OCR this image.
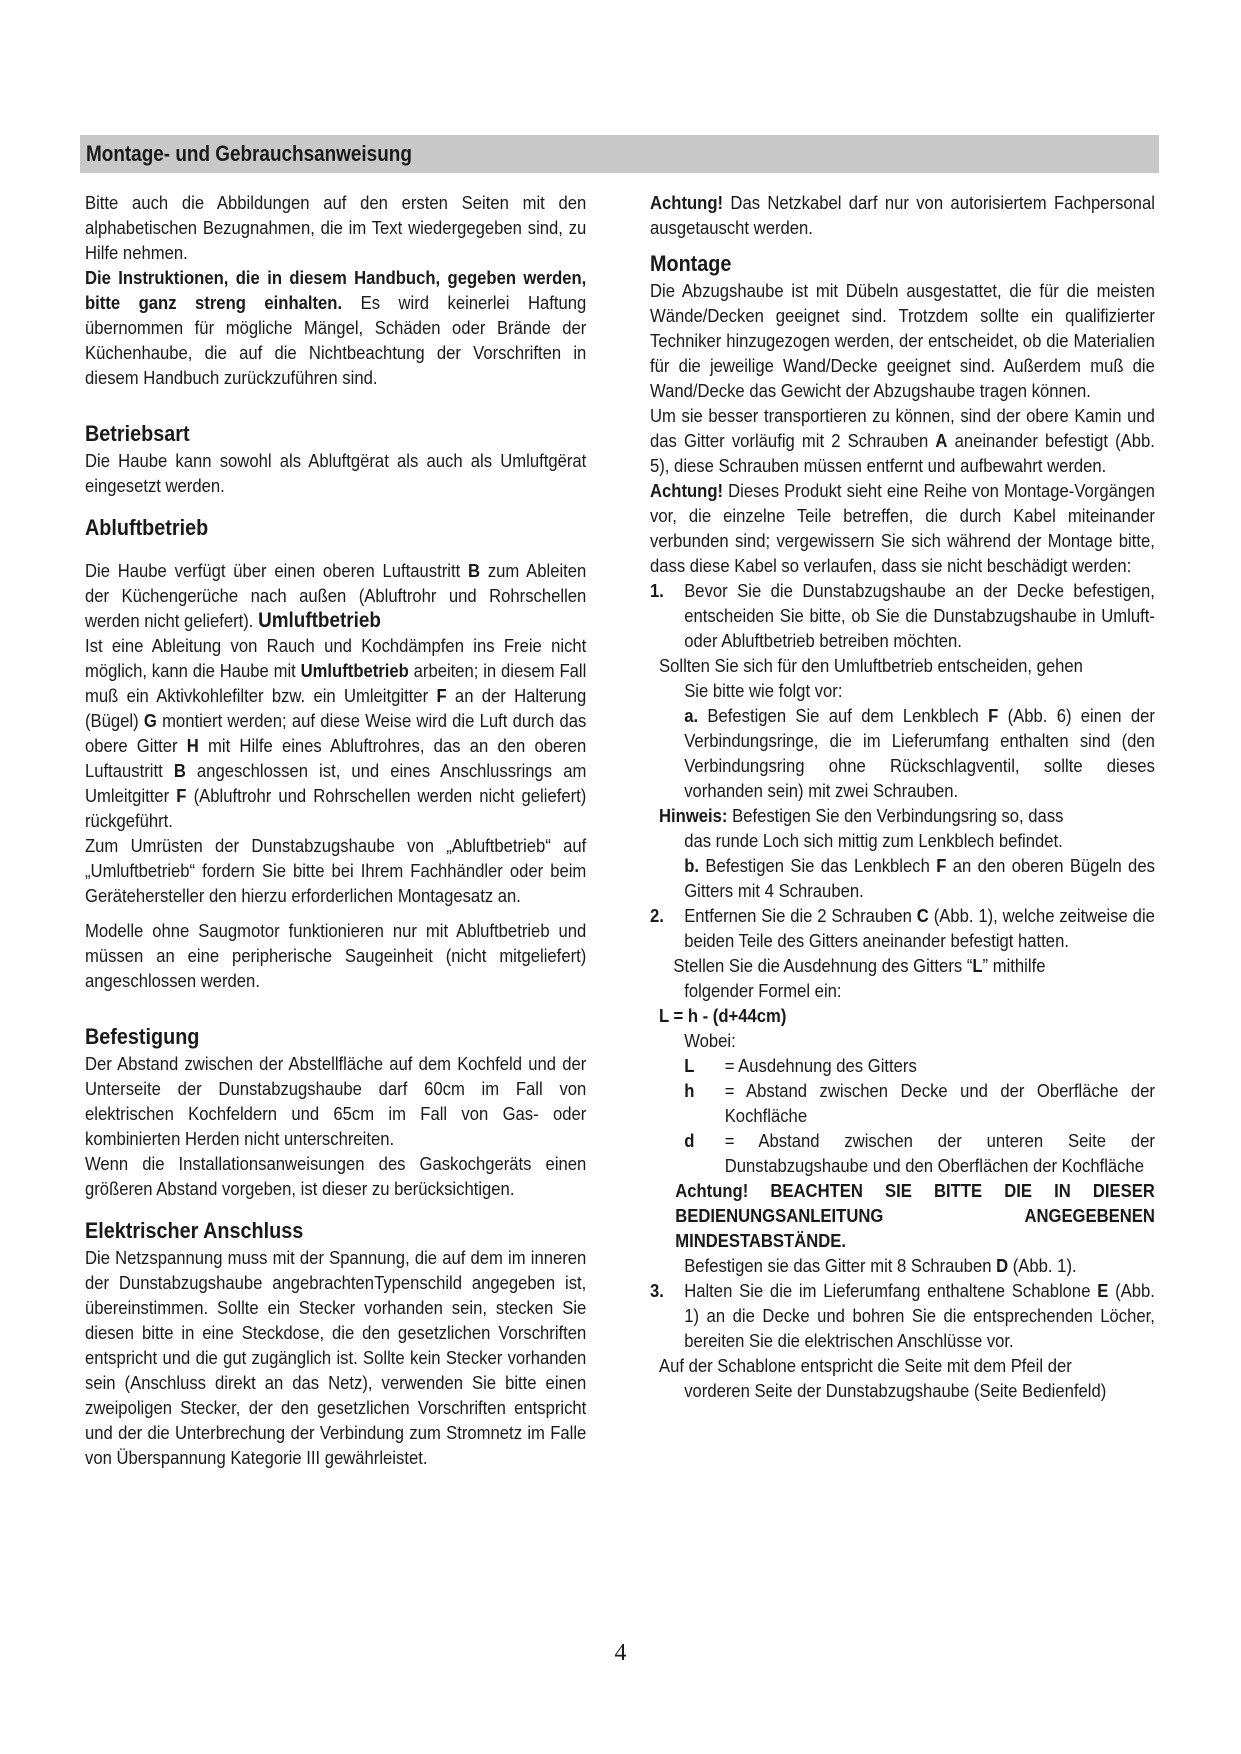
Montage- und Gebrauchsanweisung

Bitte auch die Abbildungen auf den ersten Seiten mit den alphabetischen Bezugnahmen, die im Text wiedergegeben sind, zu Hilfe nehmen.

Die Instruktionen, die in diesem Handbuch, gegeben werden, bitte ganz streng einhalten. Es wird keinerlei Haftung übernommen für mögliche Mängel, Schäden oder Brände der Küchenhaube, die auf die Nichtbeachtung der Vorschriften in diesem Handbuch zurückzuführen sind.

Betriebsart

Die Haube kann sowohl als Abluftgërat als auch als Umluftgërat eingesetzt werden.

Abluftbetrieb

Die Haube verfügt über einen oberen Luftaustritt B zum Ableiten der Küchengerüche nach außen (Abluftrohr und Rohrschellen werden nicht geliefert). Umluftbetrieb

Ist eine Ableitung von Rauch und Kochdämpfen ins Freie nicht möglich, kann die Haube mit Umluftbetrieb arbeiten; in diesem Fall muß ein Aktivkohlefilter bzw. ein Umleitgitter F an der Halterung (Bügel) G montiert werden; auf diese Weise wird die Luft durch das obere Gitter H mit Hilfe eines Abluftrohres, das an den oberen Luftaustritt B angeschlossen ist, und eines Anschlussrings am Umleitgitter F (Abluftrohr und Rohrschellen werden nicht geliefert) rückgeführt.

Zum Umrüsten der Dunstabzugshaube von „Abluftbetrieb“ auf „Umluftbetrieb“ fordern Sie bitte bei Ihrem Fachhändler oder beim Gerätehersteller den hierzu erforderlichen Montagesatz an.

Modelle ohne Saugmotor funktionieren nur mit Abluftbetrieb und müssen an eine peripherische Saugeinheit (nicht mitgeliefert) angeschlossen werden.

Befestigung

Der Abstand zwischen der Abstellfläche auf dem Kochfeld und der Unterseite der Dunstabzugshaube darf 60cm im Fall von elektrischen Kochfeldern und 65cm im Fall von Gas- oder kombinierten Herden nicht unterschreiten.

Wenn die Installationsanweisungen des Gaskochgeräts einen größeren Abstand vorgeben, ist dieser zu berücksichtigen.

Elektrischer Anschluss

Die Netzspannung muss mit der Spannung, die auf dem im inneren der Dunstabzugshaube angebrachtenTypenschild angegeben ist, übereinstimmen. Sollte ein Stecker vorhanden sein, stecken Sie diesen bitte in eine Steckdose, die den gesetzlichen Vorschriften entspricht und die gut zugänglich ist. Sollte kein Stecker vorhanden sein (Anschluss direkt an das Netz), verwenden Sie bitte einen zweipoligen Stecker, der den gesetzlichen Vorschriften entspricht und der die Unterbrechung der Verbindung zum Stromnetz im Falle von Überspannung Kategorie III gewährleistet.

Achtung! Das Netzkabel darf nur von autorisiertem Fachpersonal ausgetauscht werden.

Montage

Die Abzugshaube ist mit Dübeln ausgestattet, die für die meisten Wände/Decken geeignet sind. Trotzdem sollte ein qualifizierter Techniker hinzugezogen werden, der entscheidet, ob die Materialien für die jeweilige Wand/Decke geeignet sind. Außerdem muß die Wand/Decke das Gewicht der Abzugshaube tragen können.

Um sie besser transportieren zu können, sind der obere Kamin und das Gitter vorläufig mit 2 Schrauben A aneinander befestigt (Abb. 5), diese Schrauben müssen entfernt und aufbewahrt werden.

Achtung! Dieses Produkt sieht eine Reihe von Montage-Vorgängen vor, die einzelne Teile betreffen, die durch Kabel miteinander verbunden sind; vergewissern Sie sich während der Montage bitte, dass diese Kabel so verlaufen, dass sie nicht beschädigt werden:

1.	Bevor Sie die Dunstabzugshaube an der Decke befestigen, entscheiden Sie bitte, ob Sie die Dunstabzugshaube in Umluft- oder Abluftbetrieb betreiben möchten.
Sollten Sie sich für den Umluftbetrieb entscheiden, gehen
Sie bitte wie folgt vor:
a. Befestigen Sie auf dem Lenkblech F (Abb. 6) einen der Verbindungsringe, die im Lieferumfang enthalten sind (den Verbindungsring ohne Rückschlagventil, sollte dieses vorhanden sein) mit zwei Schrauben.
Hinweis: Befestigen Sie den Verbindungsring so, dass
das runde Loch sich mittig zum Lenkblech befindet.
b. Befestigen Sie das Lenkblech F an den oberen Bügeln des Gitters mit 4 Schrauben.
2.	Entfernen Sie die 2 Schrauben C (Abb. 1), welche zeitweise die beiden Teile des Gitters aneinander befestigt hatten.
Stellen Sie die Ausdehnung des Gitters “L” mithilfe
folgender Formel ein:
L = h - (d+44cm)
Wobei:
L	= Ausdehnung des Gitters
h	= Abstand zwischen Decke und der Oberfläche der Kochfläche
d	= Abstand zwischen der unteren Seite der Dunstabzugshaube und den Oberflächen der Kochfläche
Achtung! BEACHTEN SIE BITTE DIE IN DIESER BEDIENUNGSANLEITUNG ANGEGEBENEN MINDESTABSTÄNDE.
Befestigen sie das Gitter mit 8 Schrauben D (Abb. 1).
3.	Halten Sie die im Lieferumfang enthaltene Schablone E (Abb. 1) an die Decke und bohren Sie die entsprechenden Löcher, bereiten Sie die elektrischen Anschlüsse vor.
Auf der Schablone entspricht die Seite mit dem Pfeil der
vorderen Seite der Dunstabzugshaube (Seite Bedienfeld)
4
